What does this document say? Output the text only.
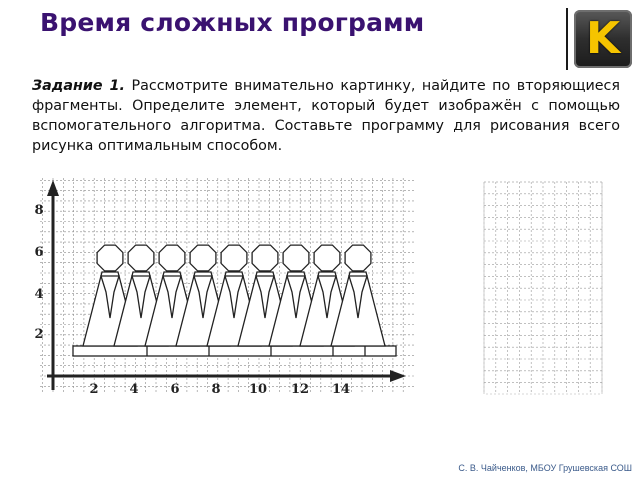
Время сложных программ	K
Задание 1. Рассмотрите внимательно картинку, найдите по вторяющиеся фрагменты. Определите элемент, который будет изображён с помощью вспомогательного алгоритма. Составьте программу для рисования всего рисунка оптимальным способом.
8
6
4
2
2 4 6 8 10 12 14
С. В. Чайченков, МБОУ Грушевская СОШ
